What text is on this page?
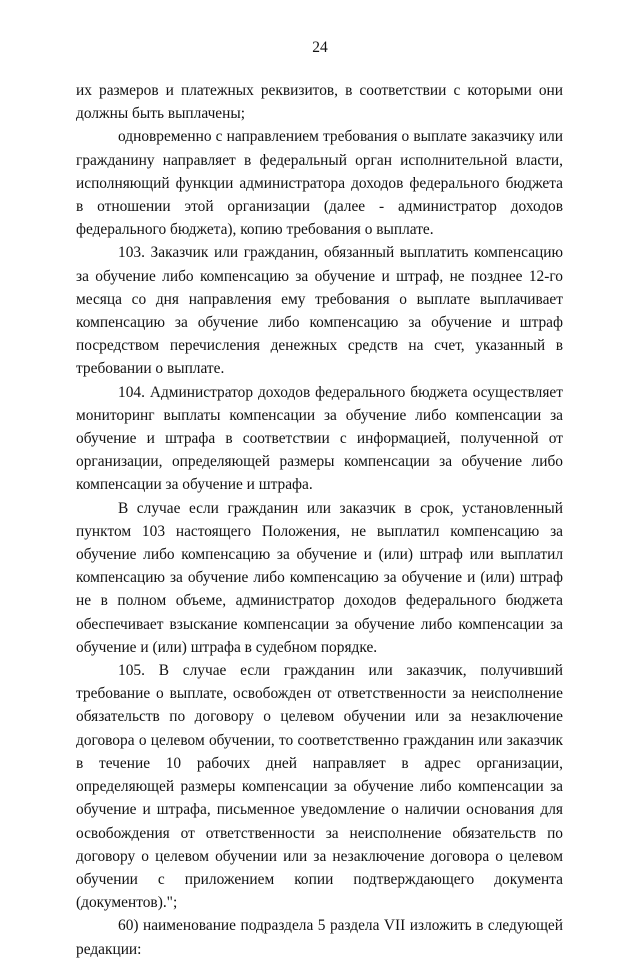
24

их размеров и платежных реквизитов, в соответствии с которыми они должны быть выплачены;

одновременно с направлением требования о выплате заказчику или гражданину направляет в федеральный орган исполнительной власти, исполняющий функции администратора доходов федерального бюджета в отношении этой организации (далее - администратор доходов федерального бюджета), копию требования о выплате.

103. Заказчик или гражданин, обязанный выплатить компенсацию за обучение либо компенсацию за обучение и штраф, не позднее 12-го месяца со дня направления ему требования о выплате выплачивает компенсацию за обучение либо компенсацию за обучение и штраф посредством перечисления денежных средств на счет, указанный в требовании о выплате.

104. Администратор доходов федерального бюджета осуществляет мониторинг выплаты компенсации за обучение либо компенсации за обучение и штрафа в соответствии с информацией, полученной от организации, определяющей размеры компенсации за обучение либо компенсации за обучение и штрафа.

В случае если гражданин или заказчик в срок, установленный пунктом 103 настоящего Положения, не выплатил компенсацию за обучение либо компенсацию за обучение и (или) штраф или выплатил компенсацию за обучение либо компенсацию за обучение и (или) штраф не в полном объеме, администратор доходов федерального бюджета обеспечивает взыскание компенсации за обучение либо компенсации за обучение и (или) штрафа в судебном порядке.

105. В случае если гражданин или заказчик, получивший требование о выплате, освобожден от ответственности за неисполнение обязательств по договору о целевом обучении или за незаключение договора о целевом обучении, то соответственно гражданин или заказчик в течение 10 рабочих дней направляет в адрес организации, определяющей размеры компенсации за обучение либо компенсации за обучение и штрафа, письменное уведомление о наличии основания для освобождения от ответственности за неисполнение обязательств по договору о целевом обучении или за незаключение договора о целевом обучении с приложением копии подтверждающего документа (документов).";

60) наименование подраздела 5 раздела VII изложить в следующей редакции:
